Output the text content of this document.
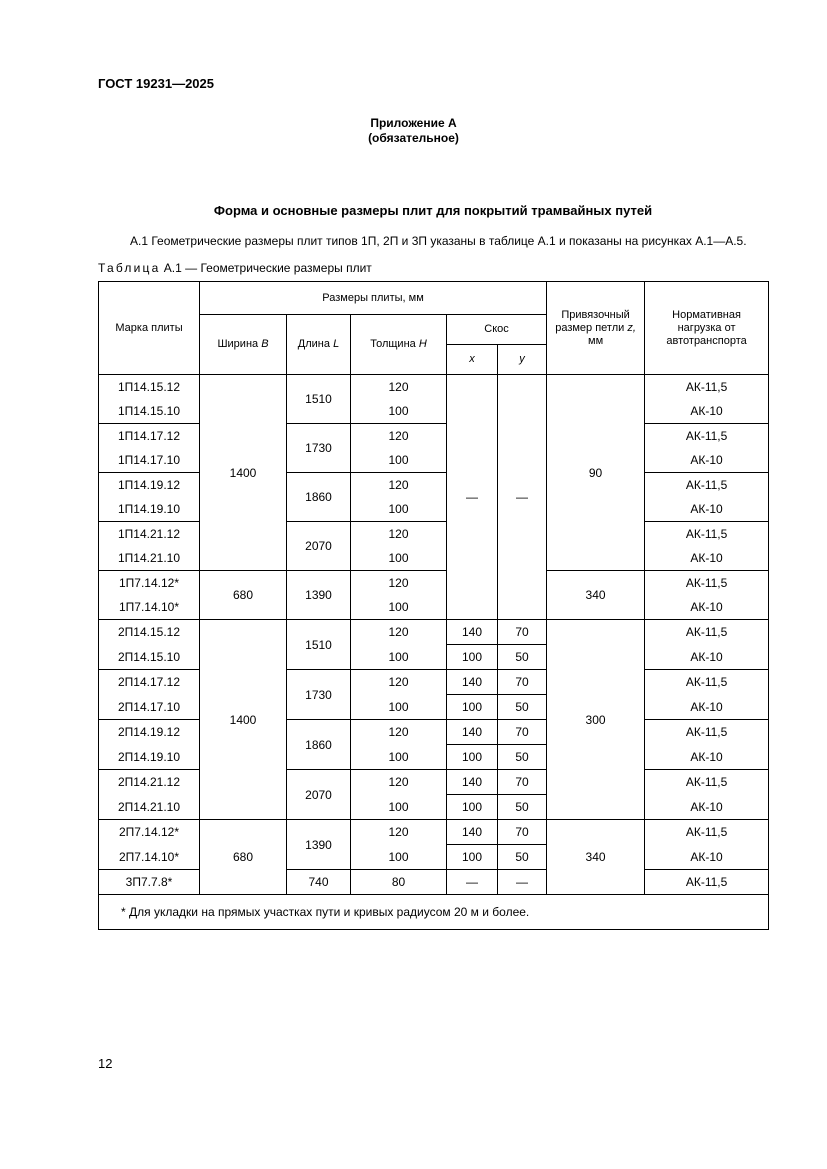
ГОСТ 19231—2025
Приложение А
(обязательное)
Форма и основные размеры плит для покрытий трамвайных путей
А.1 Геометрические размеры плит типов 1П, 2П и 3П указаны в таблице А.1 и показаны на рисунках А.1—А.5.
Таблица А.1 — Геометрические размеры плит
Марка плиты	Размеры плиты, мм					Привязочный
размер петли z,
мм	Нормативная
нагрузка от
автотранспорта
	Ширина B	Длина L	Толщина H	Скос			
				x	y		
1П14.15.12	1400	1510	120	—	—	90	АК-11,5
1П14.15.10			100				АК-10
1П14.17.12		1730	120				АК-11,5
1П14.17.10			100				АК-10
1П14.19.12		1860	120				АК-11,5
1П14.19.10			100				АК-10
1П14.21.12		2070	120				АК-11,5
1П14.21.10			100				АК-10
1П7.14.12*	680	1390	120			340	АК-11,5
1П7.14.10*			100				АК-10
2П14.15.12	1400	1510	120	140	70	300	АК-11,5
2П14.15.10			100	100	50		АК-10
2П14.17.12		1730	120	140	70		АК-11,5
2П14.17.10			100	100	50		АК-10
2П14.19.12		1860	120	140	70		АК-11,5
2П14.19.10			100	100	50		АК-10
2П14.21.12		2070	120	140	70		АК-11,5
2П14.21.10			100	100	50		АК-10
2П7.14.12*	680	1390	120	140	70	340	АК-11,5
2П7.14.10*			100	100	50		АК-10
3П7.7.8*		740	80	—	—		АК-11,5
* Для укладки на прямых участках пути и кривых радиусом 20 м и более.							
12
